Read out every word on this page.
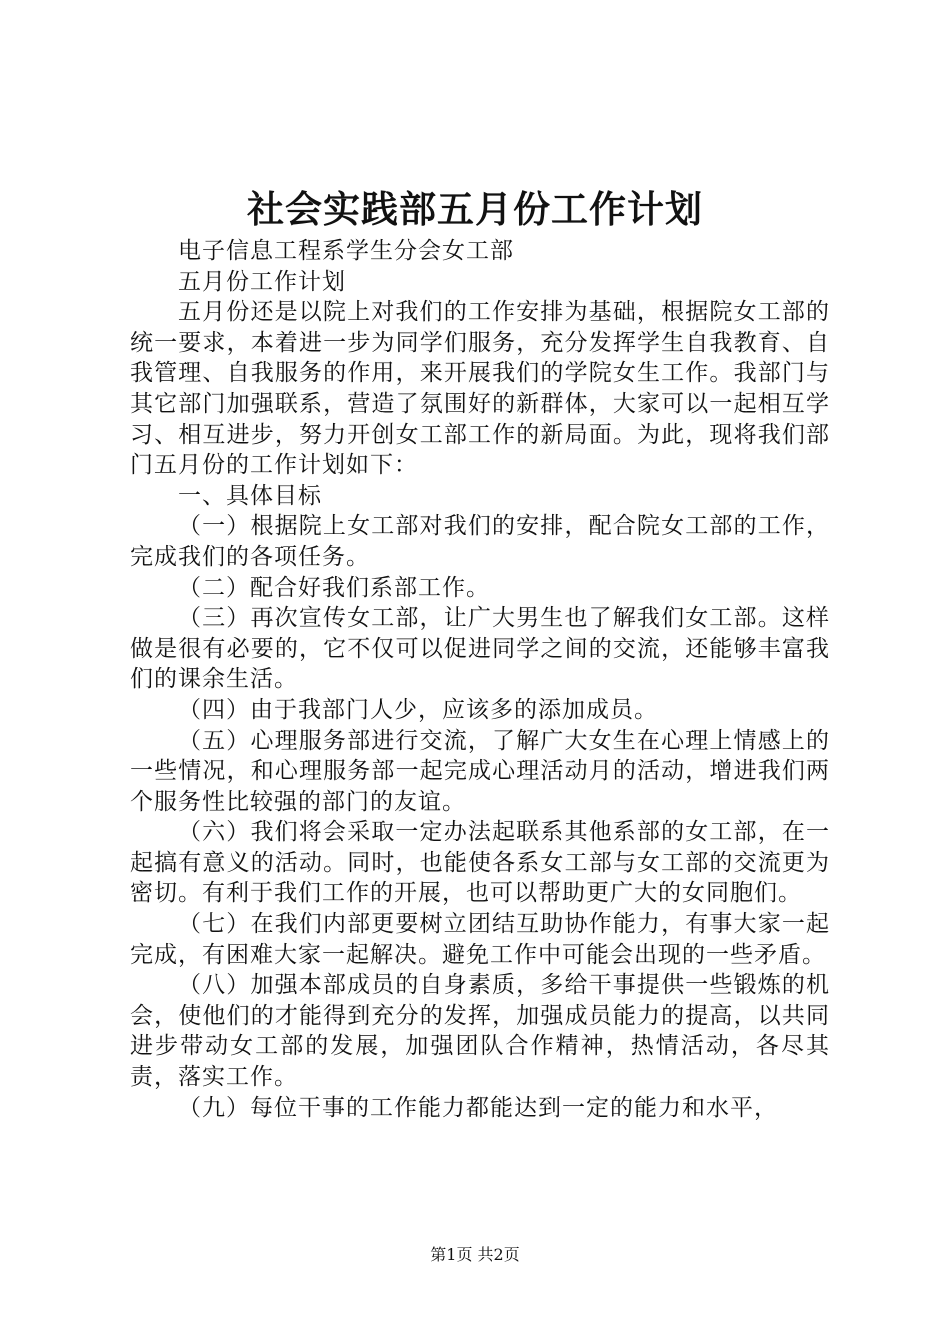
社会实践部五月份工作计划

电子信息工程系学生分会女工部

五月份工作计划

五月份还是以院上对我们的工作安排为基础，根据院女工部的统一要求，本着进一步为同学们服务，充分发挥学生自我教育、自我管理、自我服务的作用，来开展我们的学院女生工作。我部门与其它部门加强联系，营造了氛围好的新群体，大家可以一起相互学习、相互进步，努力开创女工部工作的新局面。为此，现将我们部门五月份的工作计划如下：

一、具体目标

（一）根据院上女工部对我们的安排，配合院女工部的工作，完成我们的各项任务。

（二）配合好我们系部工作。

（三）再次宣传女工部，让广大男生也了解我们女工部。这样做是很有必要的，它不仅可以促进同学之间的交流，还能够丰富我们的课余生活。

（四）由于我部门人少，应该多的添加成员。

（五）心理服务部进行交流，了解广大女生在心理上情感上的一些情况，和心理服务部一起完成心理活动月的活动，增进我们两个服务性比较强的部门的友谊。

（六）我们将会采取一定办法起联系其他系部的女工部，在一起搞有意义的活动。同时，也能使各系女工部与女工部的交流更为密切。有利于我们工作的开展，也可以帮助更广大的女同胞们。

（七）在我们内部更要树立团结互助协作能力，有事大家一起完成，有困难大家一起解决。避免工作中可能会出现的一些矛盾。

（八）加强本部成员的自身素质，多给干事提供一些锻炼的机会，使他们的才能得到充分的发挥，加强成员能力的提高，以共同进步带动女工部的发展，加强团队合作精神，热情活动，各尽其责，落实工作。

（九）每位干事的工作能力都能达到一定的能力和水平，

第1页 共2页
